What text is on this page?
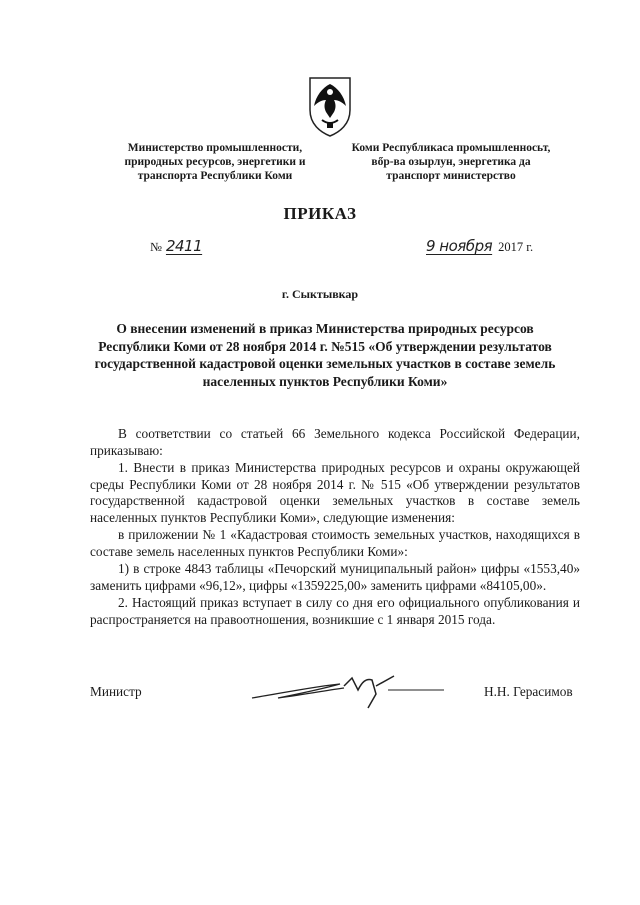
Министерство промышленности,
природных ресурсов, энергетики и
транспорта Республики Коми
Коми Республикаса промышленносьт,
вőр-ва озырлун, энергетика да
транспорт министерство
ПРИКАЗ
№ 2411	9 ноября 2017 г.
г. Сыктывкар
О внесении изменений в приказ Министерства природных ресурсов
Республики Коми от 28 ноября 2014 г. №515 «Об утверждении результатов
государственной кадастровой оценки земельных участков в составе земель
населенных пунктов Республики Коми»

В соответствии со статьей 66 Земельного кодекса Российской Федерации, приказываю:

1. Внести в приказ Министерства природных ресурсов и охраны окружающей среды Республики Коми от 28 ноября 2014 г. № 515 «Об утверждении результатов государственной кадастровой оценки земельных участков в составе земель населенных пунктов Республики Коми», следующие изменения:

в приложении № 1 «Кадастровая стоимость земельных участков, находящихся в составе земель населенных пунктов Республики Коми»:

1) в строке 4843 таблицы «Печорский муниципальный район» цифры «1553,40» заменить цифрами «96,12», цифры «1359225,00» заменить цифрами «84105,00».

2. Настоящий приказ вступает в силу со дня его официального опубликования и распространяется на правоотношения, возникшие с 1 января 2015 года.

Министр	Н.Н. Герасимов
